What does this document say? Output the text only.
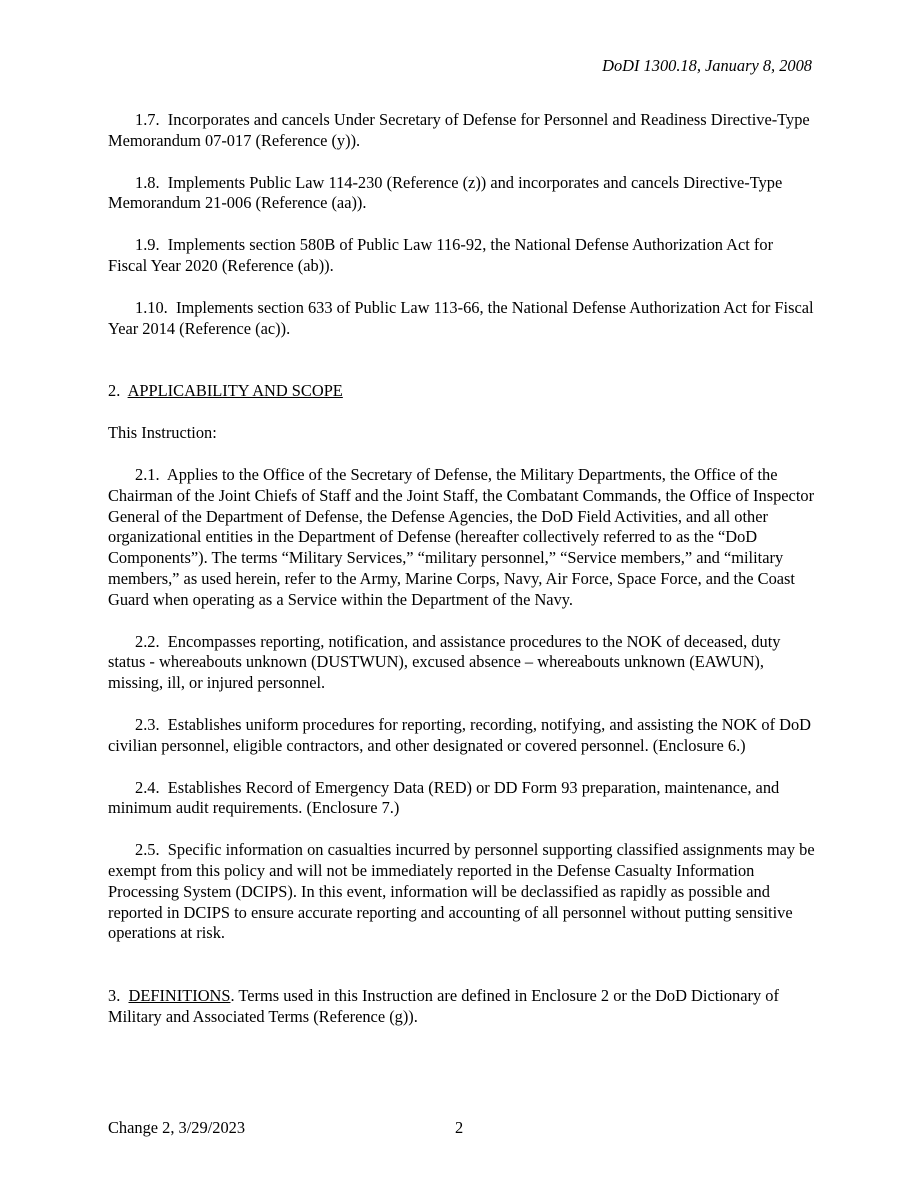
DoDI 1300.18, January 8, 2008

1.7. Incorporates and cancels Under Secretary of Defense for Personnel and Readiness Directive-Type Memorandum 07-017 (Reference (y)).

1.8. Implements Public Law 114-230 (Reference (z)) and incorporates and cancels Directive-Type Memorandum 21-006 (Reference (aa)).

1.9. Implements section 580B of Public Law 116-92, the National Defense Authorization Act for Fiscal Year 2020 (Reference (ab)).

1.10. Implements section 633 of Public Law 113-66, the National Defense Authorization Act for Fiscal Year 2014 (Reference (ac)).

2. APPLICABILITY AND SCOPE

This Instruction:

2.1. Applies to the Office of the Secretary of Defense, the Military Departments, the Office of the Chairman of the Joint Chiefs of Staff and the Joint Staff, the Combatant Commands, the Office of Inspector General of the Department of Defense, the Defense Agencies, the DoD Field Activities, and all other organizational entities in the Department of Defense (hereafter collectively referred to as the “DoD Components”). The terms “Military Services,” “military personnel,” “Service members,” and “military members,” as used herein, refer to the Army, Marine Corps, Navy, Air Force, Space Force, and the Coast Guard when operating as a Service within the Department of the Navy.

2.2. Encompasses reporting, notification, and assistance procedures to the NOK of deceased, duty status - whereabouts unknown (DUSTWUN), excused absence – whereabouts unknown (EAWUN), missing, ill, or injured personnel.

2.3. Establishes uniform procedures for reporting, recording, notifying, and assisting the NOK of DoD civilian personnel, eligible contractors, and other designated or covered personnel. (Enclosure 6.)

2.4. Establishes Record of Emergency Data (RED) or DD Form 93 preparation, maintenance, and minimum audit requirements. (Enclosure 7.)

2.5. Specific information on casualties incurred by personnel supporting classified assignments may be exempt from this policy and will not be immediately reported in the Defense Casualty Information Processing System (DCIPS). In this event, information will be declassified as rapidly as possible and reported in DCIPS to ensure accurate reporting and accounting of all personnel without putting sensitive operations at risk.

3. DEFINITIONS. Terms used in this Instruction are defined in Enclosure 2 or the DoD Dictionary of Military and Associated Terms (Reference (g)).

Change 2, 3/29/2023	2
